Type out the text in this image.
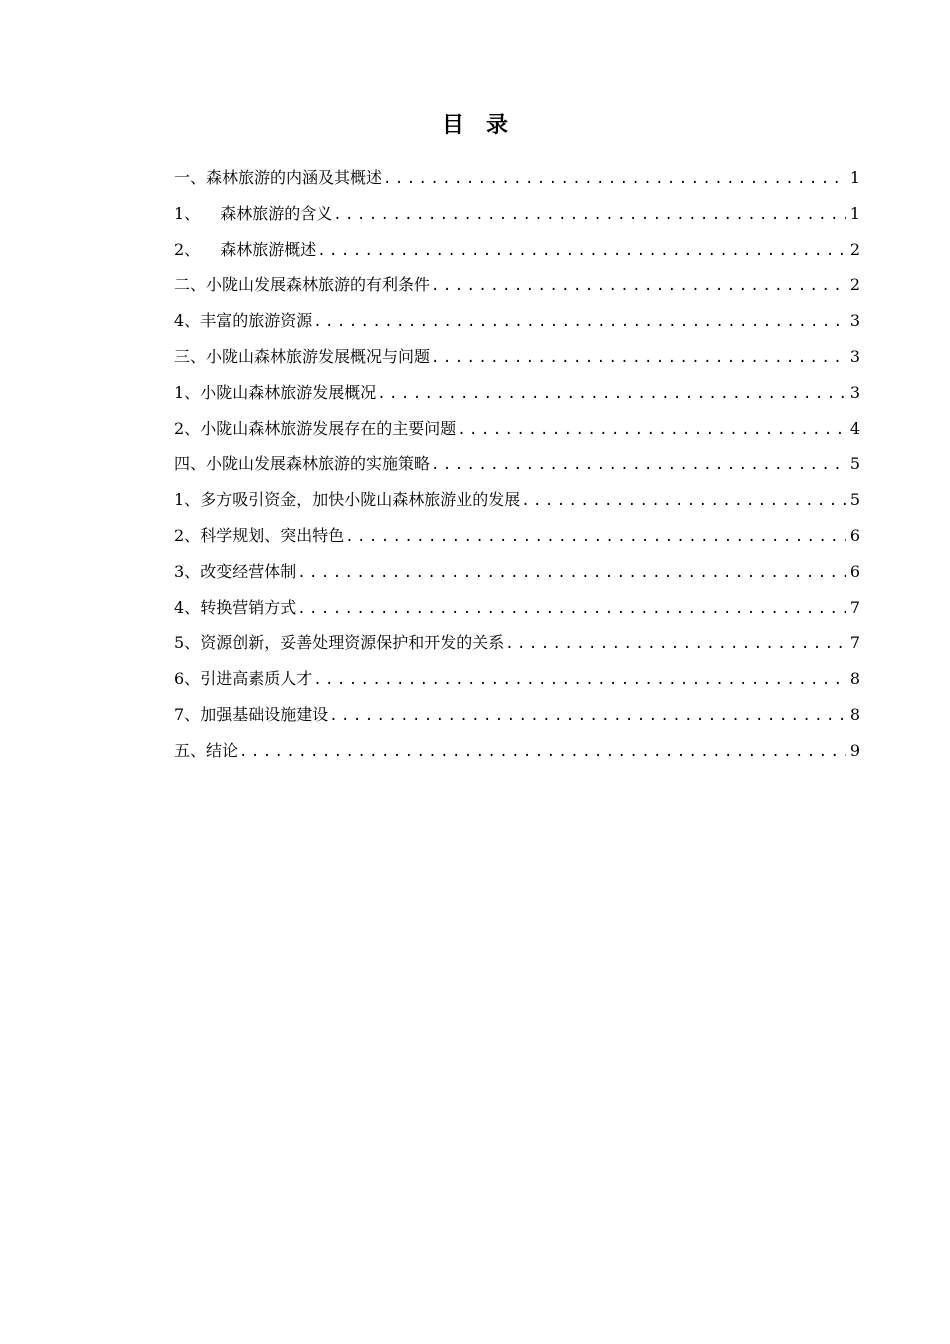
目 录
一、 森林旅游的内涵及其概述 .....	1
1、	森林旅游的含义 .....	1
2、	森林旅游概述 .....	2
二、 小陇山发展森林旅游的有利条件 .....	2
4、 丰富的旅游资源 .....	3
三、 小陇山森林旅游发展概况与问题 .....	3
1、 小陇山森林旅游发展概况 .....	3
2、 小陇山森林旅游发展存在的主要问题 .....	4
四、 小陇山发展森林旅游的实施策略 .....	5
1、 多方吸引资金，加快小陇山森林旅游业的发展 .....	5
2、 科学规划、突出特色 .....	6
3、 改变经营体制 .....	6
4、 转换营销方式 .....	7
5、 资源创新，妥善处理资源保护和开发的关系 .....	7
6、 引进高素质人才 .....	8
7、 加强基础设施建设 .....	8
五、 结论 .....	9
